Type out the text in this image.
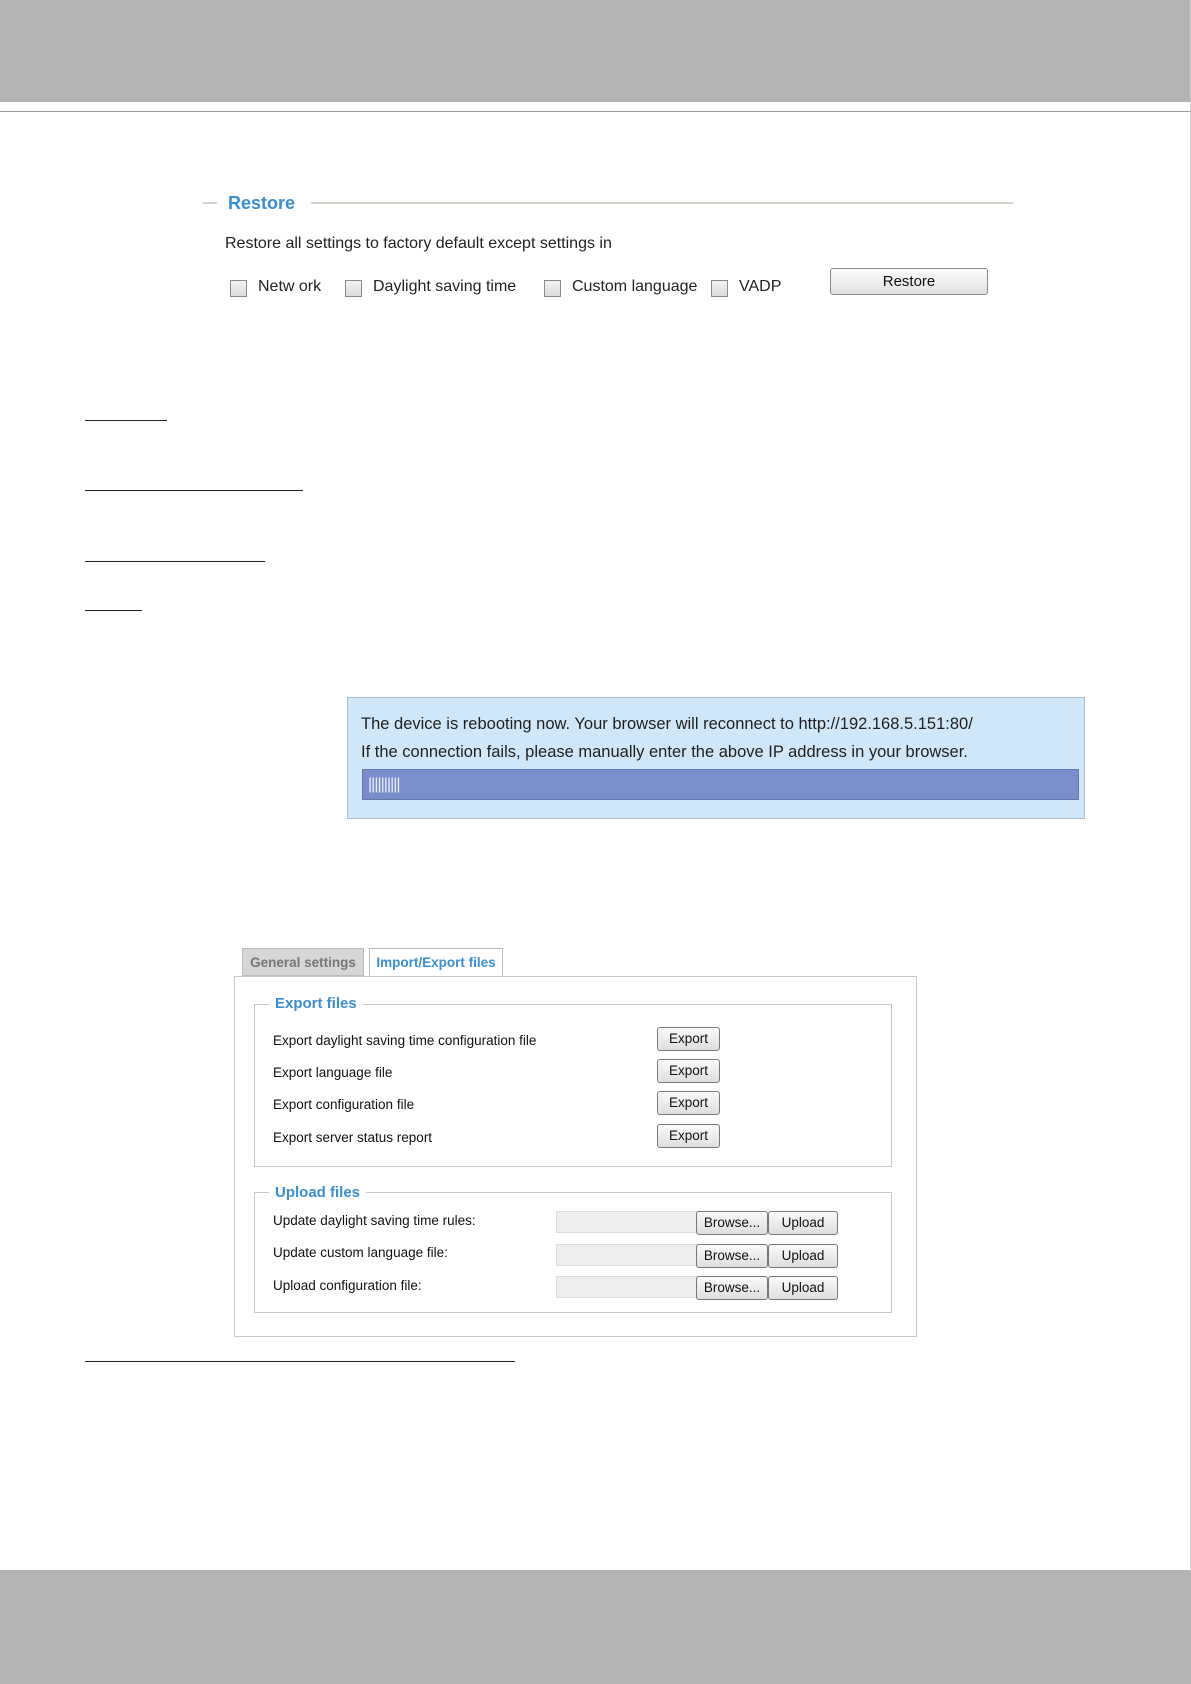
Restore
Restore all settings to factory default except settings in
Netw ork	Daylight saving time	Custom language	VADP	Restore
The device is rebooting now. Your browser will reconnect to http://192.168.5.151:80/
If the connection fails, please manually enter the above IP address in your browser.
||||||||||
General settings	Import/Export files
Export files
Export daylight saving time configuration file	Export
Export language file	Export
Export configuration file	Export
Export server status report	Export
Upload files
Update daylight saving time rules:	Browse...	Upload
Update custom language file:	Browse...	Upload
Upload configuration file:	Browse...	Upload
